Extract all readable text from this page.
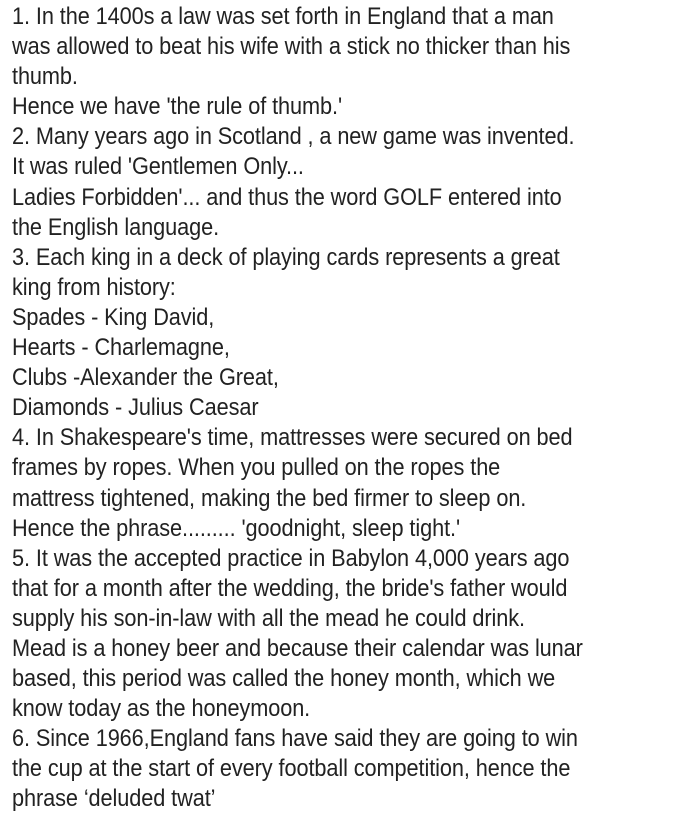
1. In the 1400s a law was set forth in England that a man
was allowed to beat his wife with a stick no thicker than his
thumb.
Hence we have 'the rule of thumb.'
2. Many years ago in Scotland , a new game was invented.
It was ruled 'Gentlemen Only...
Ladies Forbidden'... and thus the word GOLF entered into
the English language.
3. Each king in a deck of playing cards represents a great
king from history:
Spades - King David,
Hearts - Charlemagne,
Clubs -Alexander the Great,
Diamonds - Julius Caesar
4. In Shakespeare's time, mattresses were secured on bed
frames by ropes. When you pulled on the ropes the
mattress tightened, making the bed firmer to sleep on.
Hence the phrase......... 'goodnight, sleep tight.'
5. It was the accepted practice in Babylon 4,000 years ago
that for a month after the wedding, the bride's father would
supply his son-in-law with all the mead he could drink.
Mead is a honey beer and because their calendar was lunar
based, this period was called the honey month, which we
know today as the honeymoon.
6. Since 1966,England fans have said they are going to win
the cup at the start of every football competition, hence the
phrase ‘deluded twat’
